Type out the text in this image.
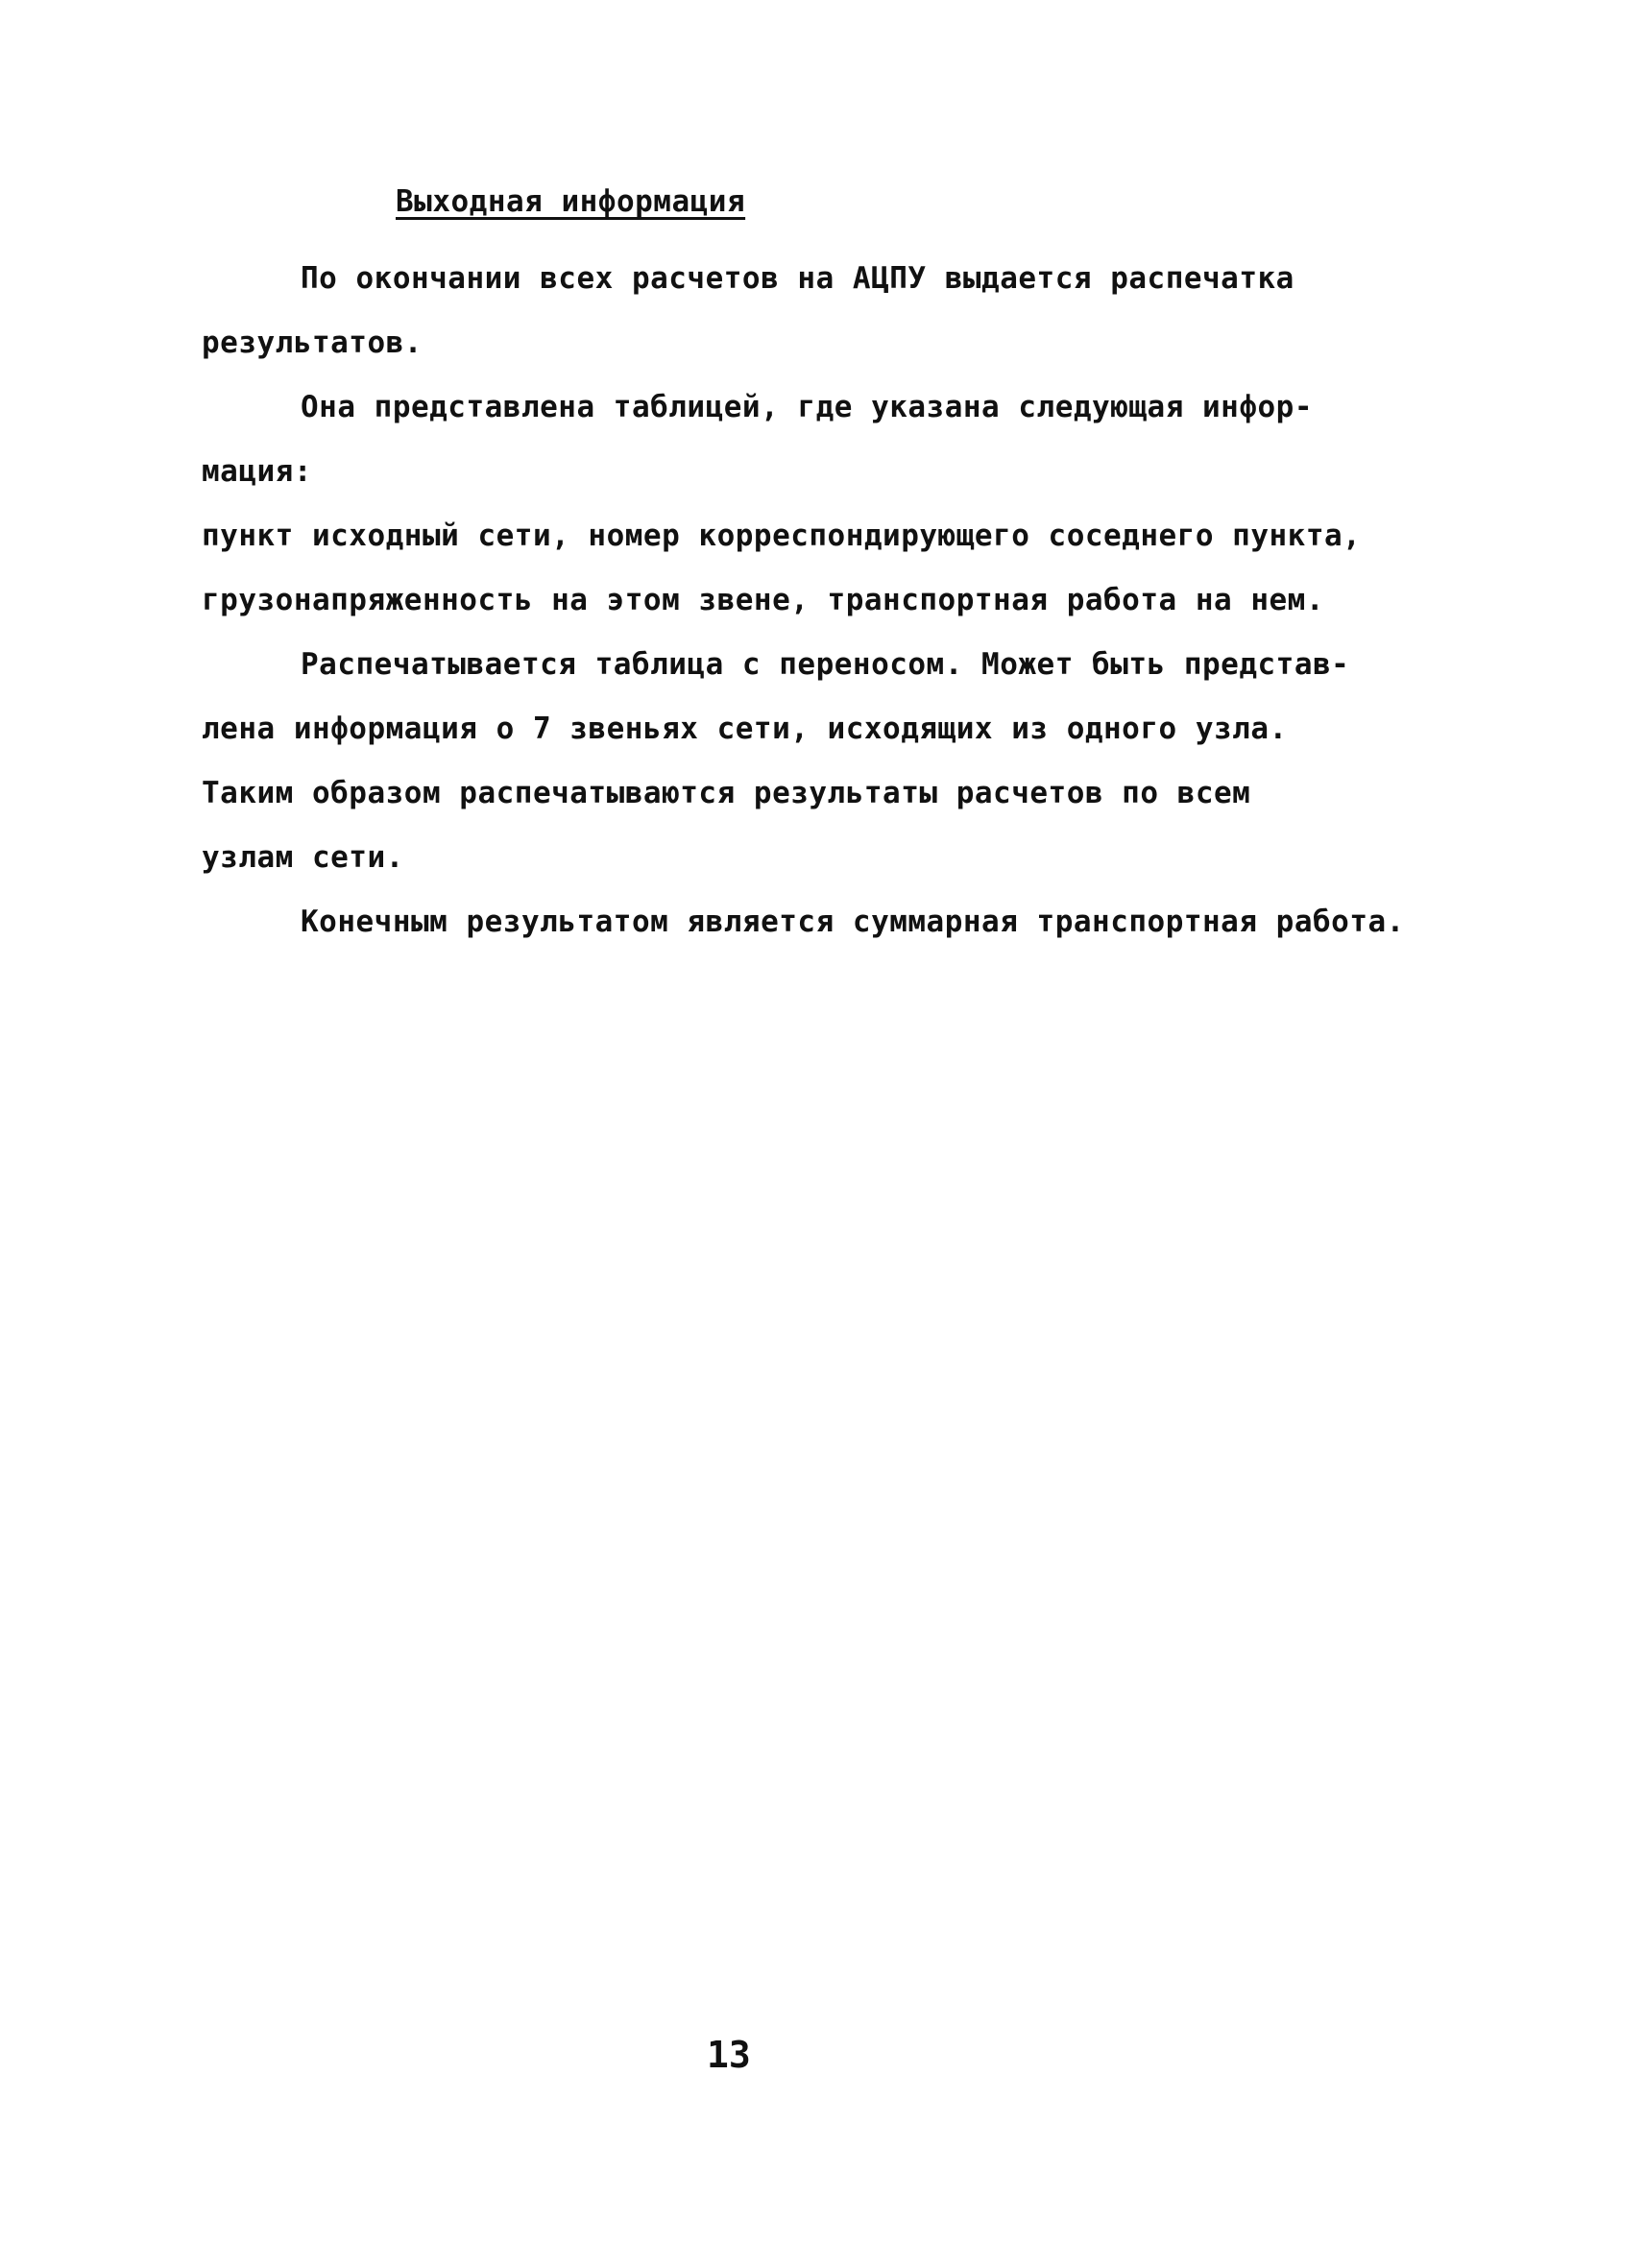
Выходная информация
По окончании всех расчетов на АЦПУ выдается распечатка
результатов.
Она представлена таблицей, где указана следующая инфор-
мация:
пункт исходный сети, номер корреспондирующего соседнего пункта,
грузонапряженность на этом звене, транспортная работа на нем.
Распечатывается таблица с переносом. Может быть представ-
лена информация о 7 звеньях сети, исходящих из одного узла.
Таким образом распечатываются результаты расчетов по всем
узлам сети.
Конечным результатом является суммарная транспортная работа.
13
